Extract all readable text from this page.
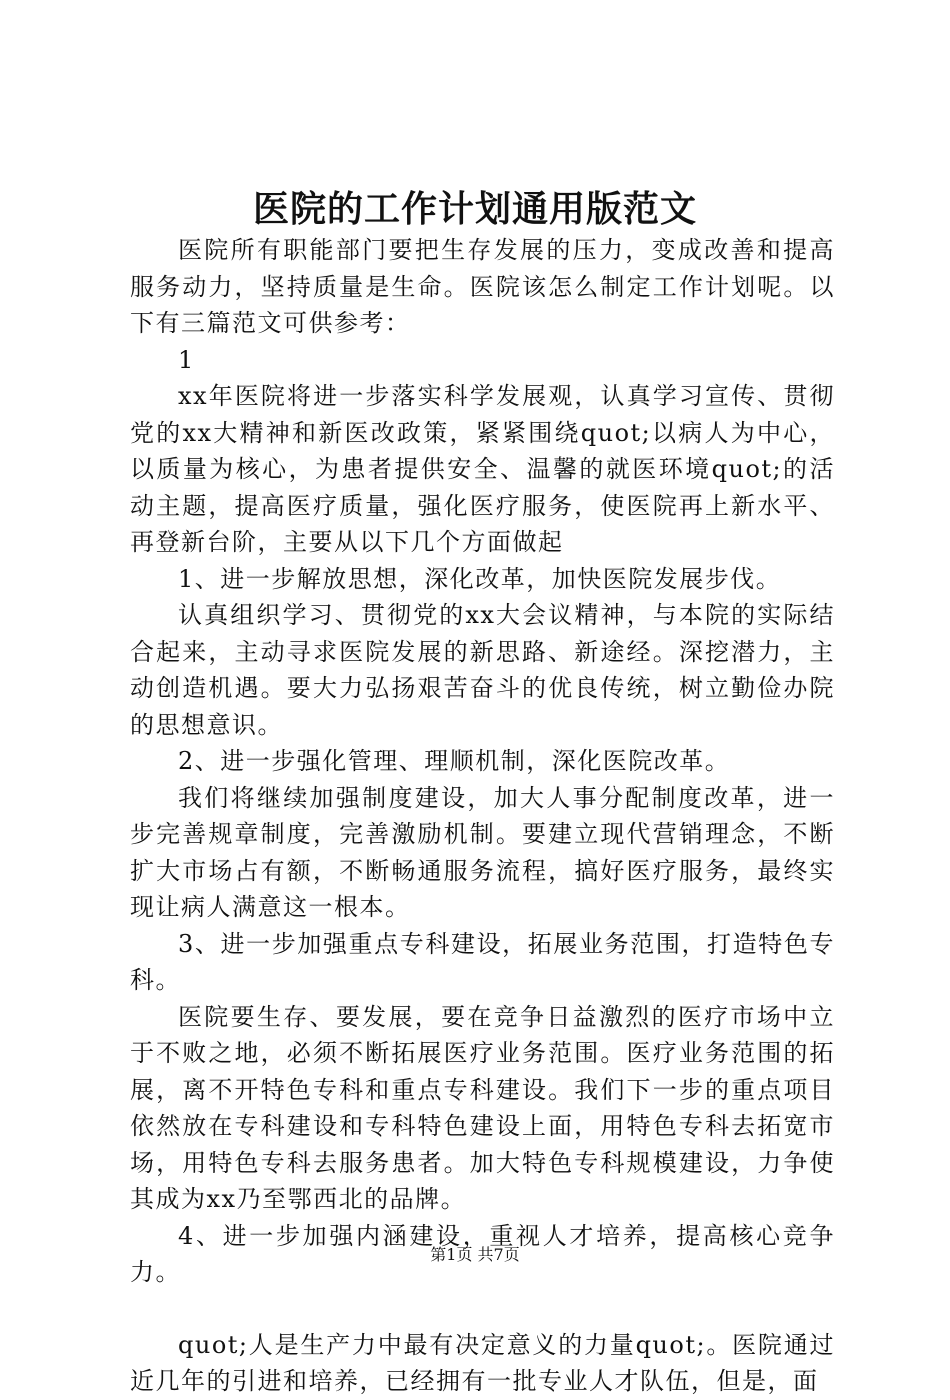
医院的工作计划通用版范文

医院所有职能部门要把生存发展的压力，变成改善和提高服务动力，坚持质量是生命。医院该怎么制定工作计划呢。以下有三篇范文可供参考：

1

xx年医院将进一步落实科学发展观，认真学习宣传、贯彻党的xx大精神和新医改政策，紧紧围绕quot;以病人为中心，以质量为核心，为患者提供安全、温馨的就医环境quot;的活动主题，提高医疗质量，强化医疗服务，使医院再上新水平、再登新台阶，主要从以下几个方面做起

1、进一步解放思想，深化改革，加快医院发展步伐。

认真组织学习、贯彻党的xx大会议精神，与本院的实际结合起来，主动寻求医院发展的新思路、新途经。深挖潜力，主动创造机遇。要大力弘扬艰苦奋斗的优良传统，树立勤俭办院的思想意识。

2、进一步强化管理、理顺机制，深化医院改革。

我们将继续加强制度建设，加大人事分配制度改革，进一步完善规章制度，完善激励机制。要建立现代营销理念，不断扩大市场占有额，不断畅通服务流程，搞好医疗服务，最终实现让病人满意这一根本。

3、进一步加强重点专科建设，拓展业务范围，打造特色专科。

医院要生存、要发展，要在竞争日益激烈的医疗市场中立于不败之地，必须不断拓展医疗业务范围。医疗业务范围的拓展，离不开特色专科和重点专科建设。我们下一步的重点项目依然放在专科建设和专科特色建设上面，用特色专科去拓宽市场，用特色专科去服务患者。加大特色专科规模建设，力争使其成为xx乃至鄂西北的品牌。

4、进一步加强内涵建设，重视人才培养，提高核心竞争力。

quot;人是生产力中最有决定意义的力量quot;。医院通过近几年的引进和培养，已经拥有一批专业人才队伍，但是，面

第1页 共7页
